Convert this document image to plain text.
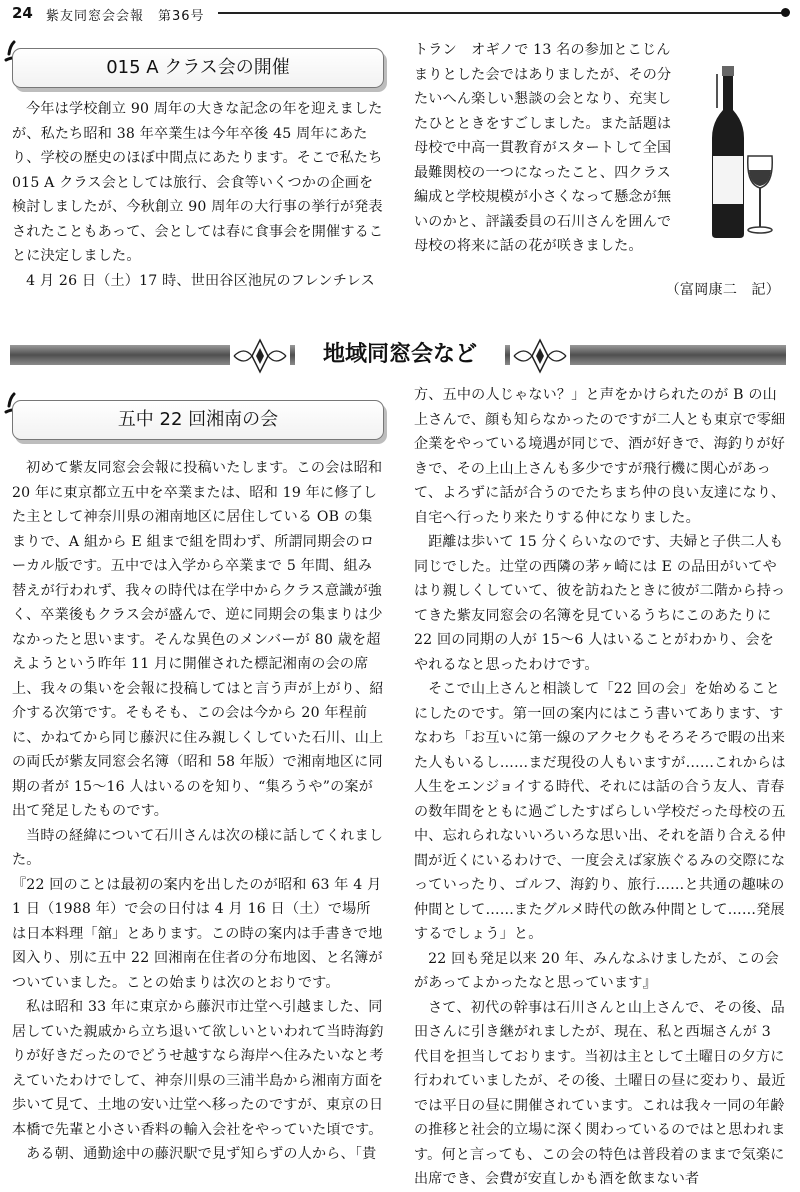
24 紫友同窓会会報　第36号
015 A クラス会の開催

今年は学校創立 90 周年の大きな記念の年を迎えましたが、私たち昭和 38 年卒業生は今年卒後 45 周年にあたり、学校の歴史のほぼ中間点にあたります。そこで私たち 015 A クラス会としては旅行、会食等いくつかの企画を検討しましたが、今秋創立 90 周年の大行事の挙行が発表されたこともあって、会としては春に食事会を開催することに決定しました。

4 月 26 日（土）17 時、世田谷区池尻のフレンチレス

トラン　オギノで 13 名の参加とこじんまりとした会ではありましたが、その分たいへん楽しい懇談の会となり、充実したひとときをすごしました。また話題は母校で中高一貫教育がスタートして全国最難関校の一つになったこと、四クラス編成と学校規模が小さくなって懸念が無いのかと、評議委員の石川さんを囲んで母校の将来に話の花が咲きました。

（富岡康二　記）

地域同窓会など
五中 22 回湘南の会

初めて紫友同窓会会報に投稿いたします。この会は昭和 20 年に東京都立五中を卒業または、昭和 19 年に修了した主として神奈川県の湘南地区に居住している OB の集まりで、A 組から E 組まで組を問わず、所謂同期会のローカル版です。五中では入学から卒業まで 5 年間、組み替えが行われず、我々の時代は在学中からクラス意識が強く、卒業後もクラス会が盛んで、逆に同期会の集まりは少なかったと思います。そんな異色のメンバーが 80 歳を超えようという昨年 11 月に開催された標記湘南の会の席上、我々の集いを会報に投稿してはと言う声が上がり、紹介する次第です。そもそも、この会は今から 20 年程前に、かねてから同じ藤沢に住み親しくしていた石川、山上の両氏が紫友同窓会名簿（昭和 58 年版）で湘南地区に同期の者が 15～16 人はいるのを知り、“集ろうや”の案が出て発足したものです。

当時の経緯について石川さんは次の様に話してくれました。

『22 回のことは最初の案内を出したのが昭和 63 年 4 月 1 日（1988 年）で会の日付は 4 月 16 日（土）で場所は日本料理「舘」とあります。この時の案内は手書きで地図入り、別に五中 22 回湘南在住者の分布地図、と名簿がついていました。ことの始まりは次のとおりです。

私は昭和 33 年に東京から藤沢市辻堂へ引越ました、同居していた親戚から立ち退いて欲しいといわれて当時海釣りが好きだったのでどうせ越すなら海岸へ住みたいなと考えていたわけでして、神奈川県の三浦半島から湘南方面を歩いて見て、土地の安い辻堂へ移ったのですが、東京の日本橋で先輩と小さい香料の輸入会社をやっていた頃です。

ある朝、通勤途中の藤沢駅で見ず知らずの人から、「貴

方、五中の人じゃない？」と声をかけられたのが B の山上さんで、顔も知らなかったのですが二人とも東京で零細企業をやっている境遇が同じで、酒が好きで、海釣りが好きで、その上山上さんも多少ですが飛行機に関心があって、よろずに話が合うのでたちまち仲の良い友達になり、自宅へ行ったり来たりする仲になりました。

距離は歩いて 15 分くらいなのです、夫婦と子供二人も同じでした。辻堂の西隣の茅ヶ崎には E の品田がいてやはり親しくしていて、彼を訪ねたときに彼が二階から持ってきた紫友同窓会の名簿を見ているうちにこのあたりに 22 回の同期の人が 15～6 人はいることがわかり、会をやれるなと思ったわけです。

そこで山上さんと相談して「22 回の会」を始めることにしたのです。第一回の案内にはこう書いてあります、すなわち「お互いに第一線のアクセクもそろそろで暇の出来た人もいるし……まだ現役の人もいますが……これからは人生をエンジョイする時代、それには話の合う友人、青春の数年間をともに過ごしたすばらしい学校だった母校の五中、忘れられないいろいろな思い出、それを語り合える仲間が近くにいるわけで、一度会えば家族ぐるみの交際になっていったり、ゴルフ、海釣り、旅行……と共通の趣味の仲間として……またグルメ時代の飲み仲間として……発展するでしょう」と。

22 回も発足以来 20 年、みんなふけましたが、この会があってよかったなと思っています』

さて、初代の幹事は石川さんと山上さんで、その後、品田さんに引き継がれましたが、現在、私と西堀さんが 3 代目を担当しております。当初は主として土曜日の夕方に行われていましたが、その後、土曜日の昼に変わり、最近では平日の昼に開催されています。これは我々一同の年齢の推移と社会的立場に深く関わっているのではと思われます。何と言っても、この会の特色は普段着のままで気楽に出席でき、会費が安直しかも酒を飲まない者
